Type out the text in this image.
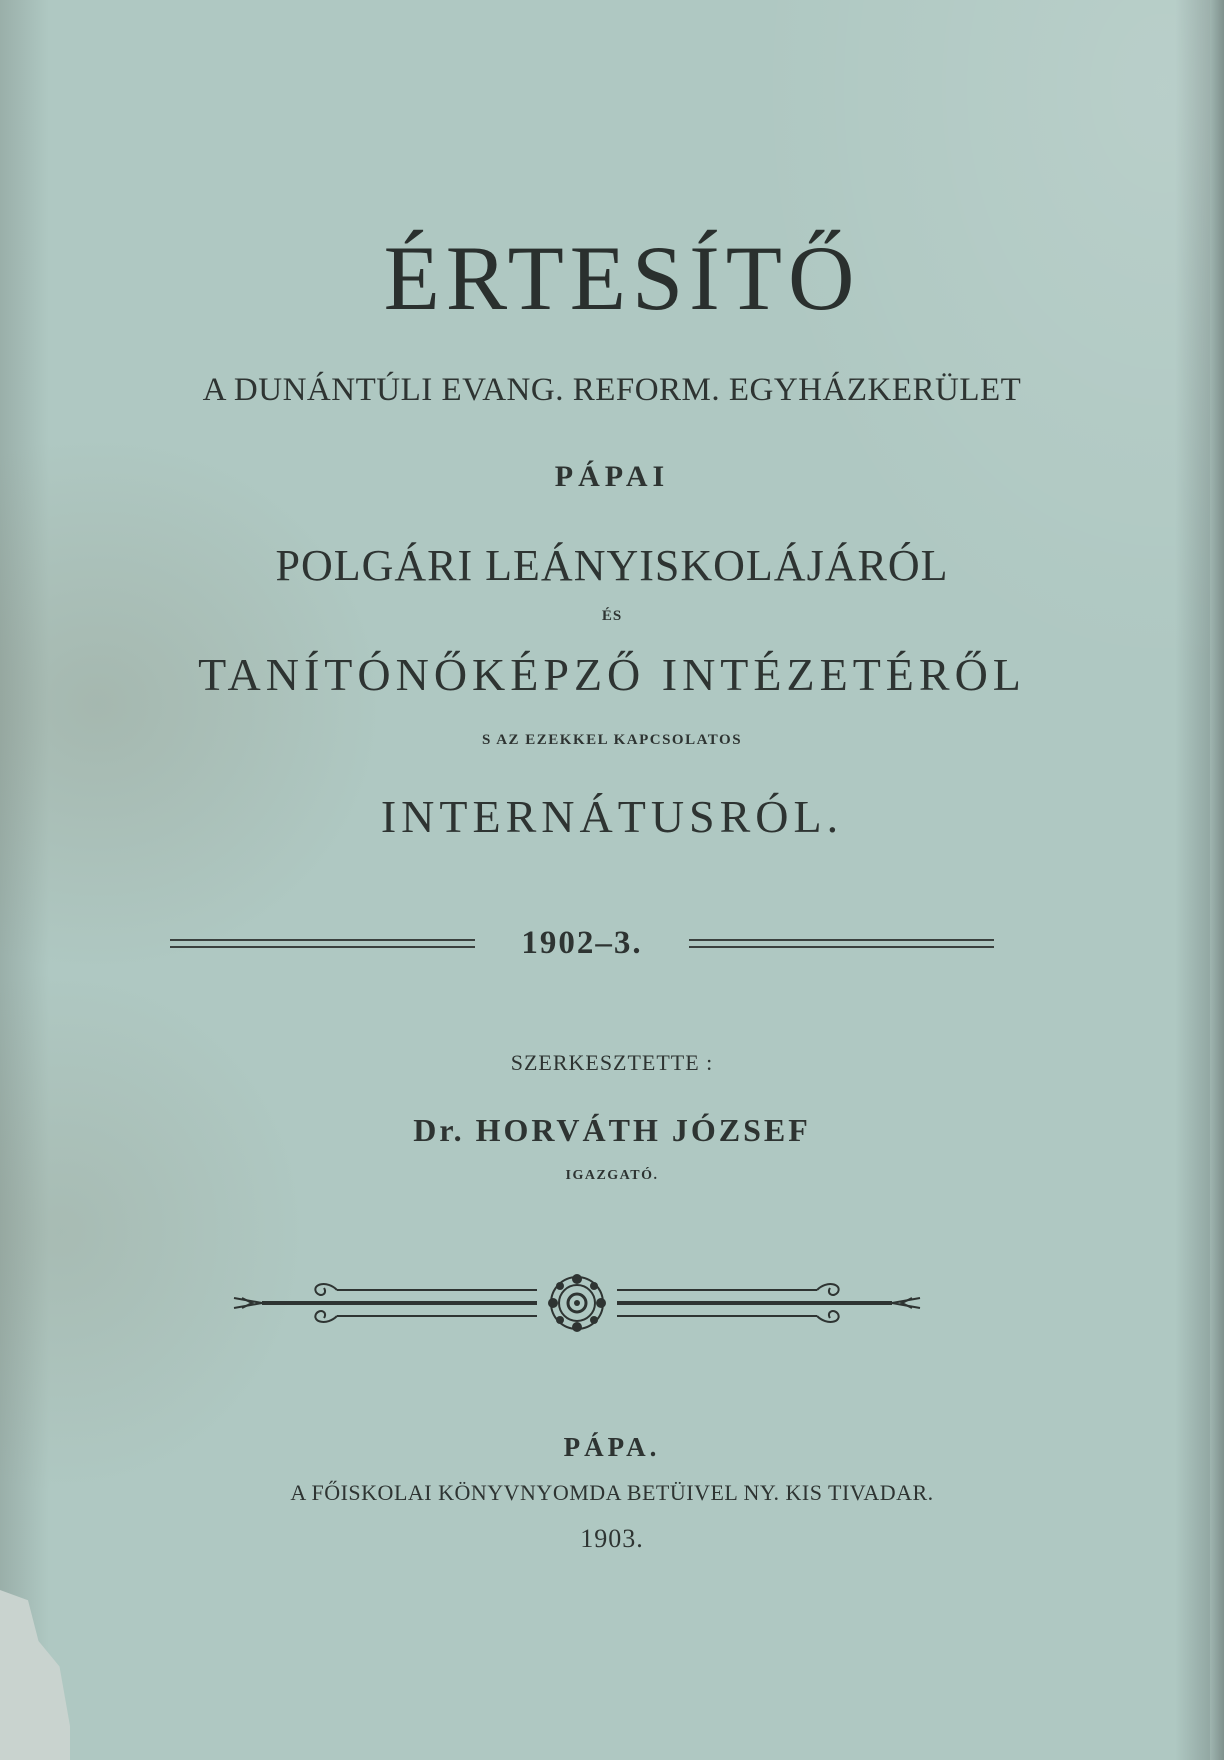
ÉRTESÍTŐ

A DUNÁNTÚLI EVANG. REFORM. EGYHÁZKERÜLET

PÁPAI

POLGÁRI LEÁNYISKOLÁJÁRÓL

ÉS

TANÍTÓNŐKÉPZŐ INTÉZETÉRŐL

S AZ EZEKKEL KAPCSOLATOS

INTERNÁTUSRÓL.

1902–3.

SZERKESZTETTE :

Dr. HORVÁTH JÓZSEF

IGAZGATÓ.

PÁPA.

A FŐISKOLAI KÖNYVNYOMDA BETÜIVEL NY. KIS TIVADAR.

1903.
